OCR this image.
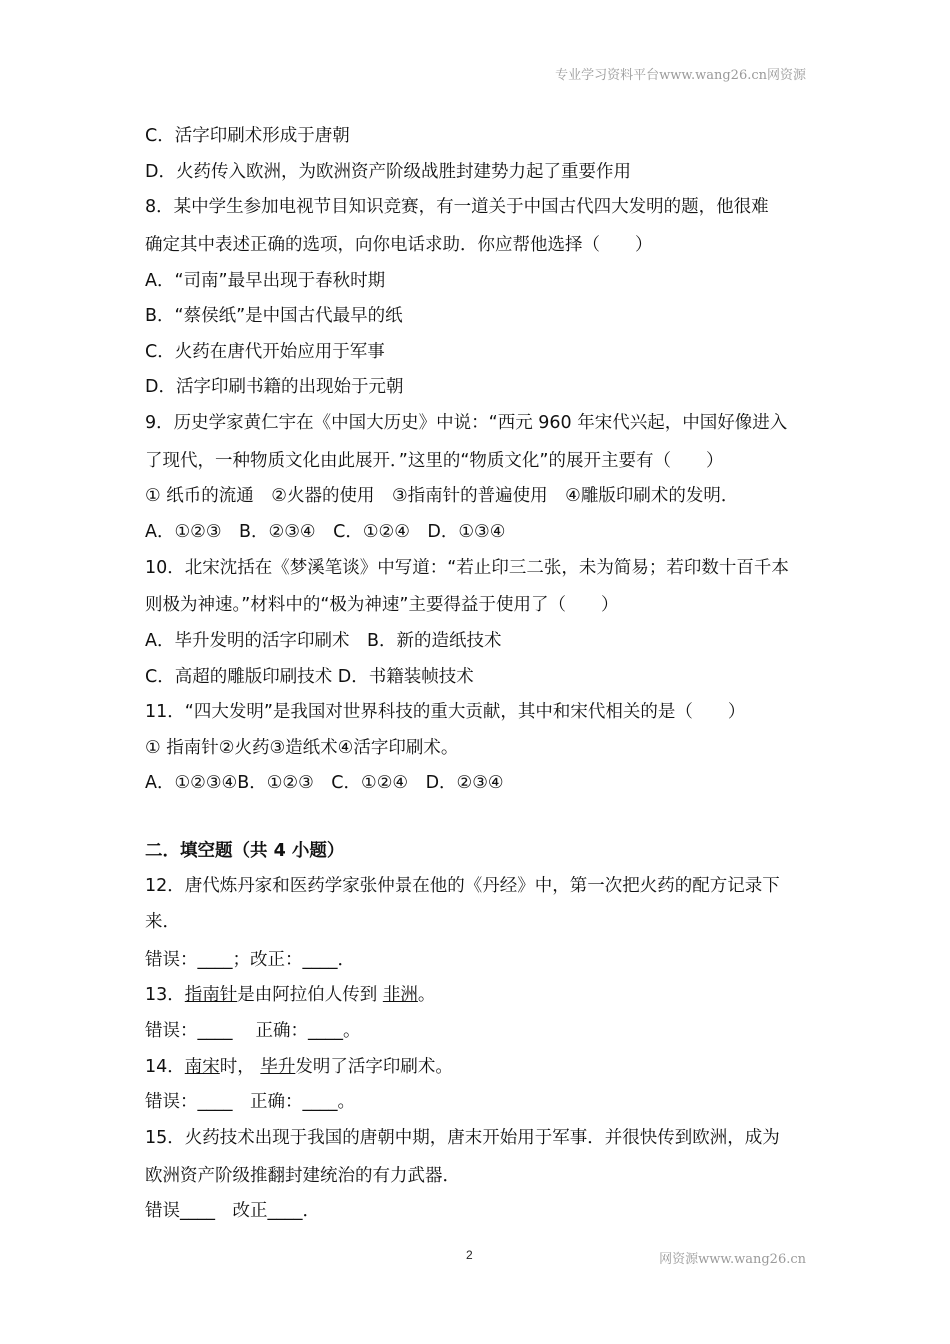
专业学习资料平台www.wang26.cn网资源
C．活字印刷术形成于唐朝
D．火药传入欧洲，为欧洲资产阶级战胜封建势力起了重要作用
8．某中学生参加电视节目知识竞赛，有一道关于中国古代四大发明的题，他很难
确定其中表述正确的选项，向你电话求助．你应帮他选择（　　）
A．“司南”最早出现于春秋时期
B．“蔡侯纸”是中国古代最早的纸
C．火药在唐代开始应用于军事
D．活字印刷书籍的出现始于元朝
9．历史学家黄仁宇在《中国大历史》中说：“西元 960 年宋代兴起，中国好像进入
了现代，一种物质文化由此展开．”这里的“物质文化”的展开主要有（　　）
① 纸币的流通　②火器的使用　③指南针的普遍使用　④雕版印刷术的发明．
A．①②③　B．②③④　C．①②④　D．①③④
10．北宋沈括在《梦溪笔谈》中写道：“若止印三二张，未为简易；若印数十百千本
则极为神速。”材料中的“极为神速”主要得益于使用了（　　）
A．毕升发明的活字印刷术　B．新的造纸技术
C．高超的雕版印刷技术 D．书籍装帧技术
11．“四大发明”是我国对世界科技的重大贡献，其中和宋代相关的是（　　）
① 指南针②火药③造纸术④活字印刷术。
A．①②③④B．①②③　C．①②④　D．②③④
二．填空题（共 4 小题）
12．唐代炼丹家和医药学家张仲景在他的《丹经》中，第一次把火药的配方记录下
来．
错误：____；改正：____．
13．指南针是由阿拉伯人传到 非洲。
错误：____　 正确：____。
14．南宋时， 毕升发明了活字印刷术。
错误：____　正确：____。
15．火药技术出现于我国的唐朝中期，唐末开始用于军事．并很快传到欧洲，成为
欧洲资产阶级推翻封建统治的有力武器．
错误____　改正____．
2	网资源www.wang26.cn
